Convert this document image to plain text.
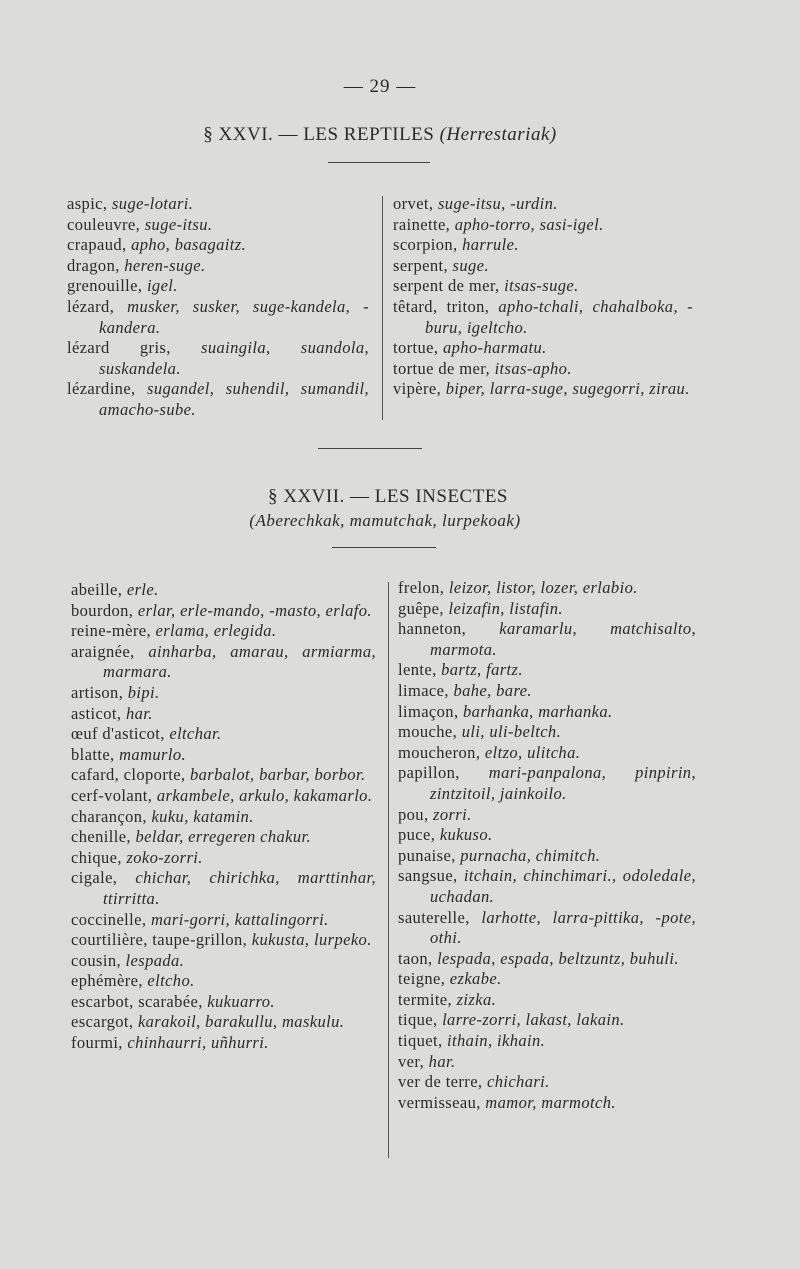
— 29 —
§ XXVI. — LES REPTILES (Herrestariak)

aspic, suge-lotari.

couleuvre, suge-itsu.

crapaud, apho, basagaitz.

dragon, heren-suge.

grenouille, igel.

lézard, musker, susker, suge-kandela, -kandera.

lézard gris, suaingila, suandola, suskandela.

lézardine, sugandel, suhendil, sumandil, amacho-sube.

orvet, suge-itsu, -urdin.

rainette, apho-torro, sasi-igel.

scorpion, harrule.

serpent, suge.

serpent de mer, itsas-suge.

têtard, triton, apho-tchali, chahalboka, -buru, igeltcho.

tortue, apho-harmatu.

tortue de mer, itsas-apho.

vipère, biper, larra-suge, sugegorri, zirau.

§ XXVII. — LES INSECTES
(Aberechkak, mamutchak, lurpekoak)

abeille, erle.

bourdon, erlar, erle-mando, -masto, erlafo.

reine-mère, erlama, erlegida.

araignée, ainharba, amarau, armiarma, marmara.

artison, bipi.

asticot, har.

œuf d'asticot, eltchar.

blatte, mamurlo.

cafard, cloporte, barbalot, barbar, borbor.

cerf-volant, arkambele, arkulo, kakamarlo.

charançon, kuku, katamin.

chenille, beldar, erregeren chakur.

chique, zoko-zorri.

cigale, chichar, chirichka, marttinhar, ttirritta.

coccinelle, mari-gorri, kattalingorri.

courtilière, taupe-grillon, kukusta, lurpeko.

cousin, lespada.

ephémère, eltcho.

escarbot, scarabée, kukuarro.

escargot, karakoil, barakullu, maskulu.

fourmi, chinhaurri, uñhurri.

frelon, leizor, listor, lozer, erlabio.

guêpe, leizafin, listafin.

hanneton, karamarlu, matchisalto, marmota.

lente, bartz, fartz.

limace, bahe, bare.

limaçon, barhanka, marhanka.

mouche, uli, uli-beltch.

moucheron, eltzo, ulitcha.

papillon, mari-panpalona, pinpirin, zintzitoil, jainkoilo.

pou, zorri.

puce, kukuso.

punaise, purnacha, chimitch.

sangsue, itchain, chinchimari., odoledale, uchadan.

sauterelle, larhotte, larra-pittika, -pote, othi.

taon, lespada, espada, beltzuntz, buhuli.

teigne, ezkabe.

termite, zizka.

tique, larre-zorri, lakast, lakain.

tiquet, ithain, ikhain.

ver, har.

ver de terre, chichari.

vermisseau, mamor, marmotch.
